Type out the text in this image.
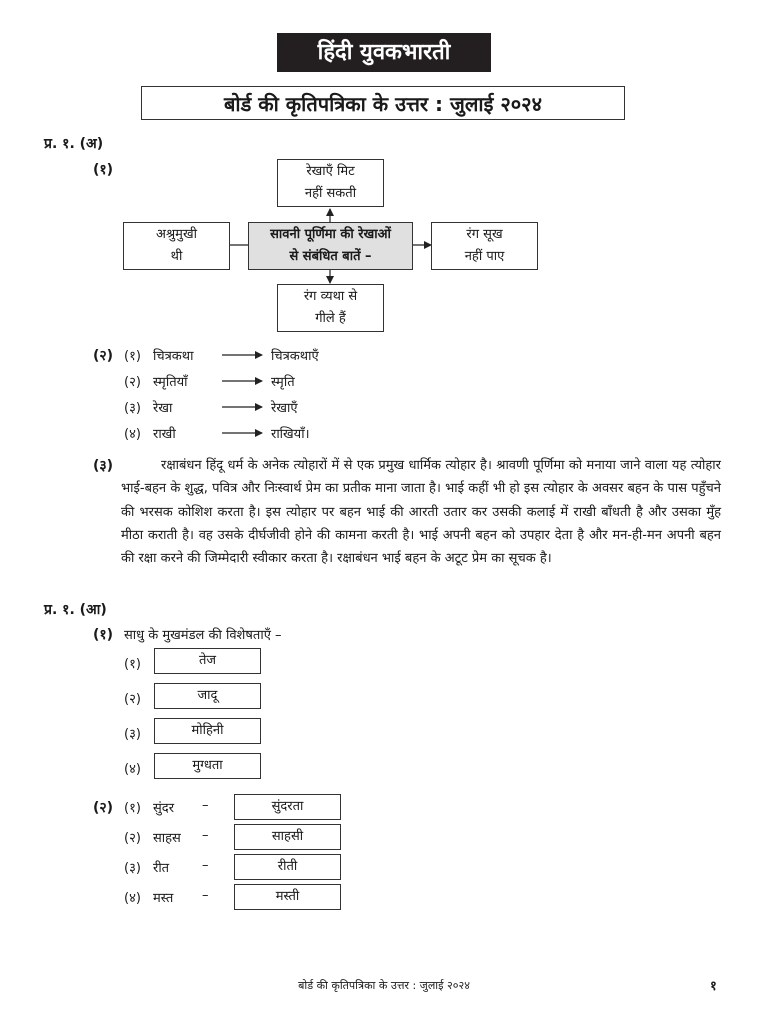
हिंदी युवकभारती
बोर्ड की कृतिपत्रिका के उत्तर : जुलाई २०२४
प्र. १. (अ)
(१)	रेखाएँ मिट
नहीं सकती
अश्रुमुखी
थी
सावनी पूर्णिमा की रेखाओं
से संबंधित बातें –
रंग सूख
नहीं पाए
रंग व्यथा से
गीले हैं
(२) (१) चित्रकथा	चित्रकथाएँ
(२) स्मृतियाँ	स्मृति
(३) रेखा	रेखाएँ
(४) राखी	राखियाँ।
(३)	रक्षाबंधन हिंदू धर्म के अनेक त्योहारों में से एक प्रमुख धार्मिक त्योहार है। श्रावणी पूर्णिमा को मनाया जाने वाला यह त्योहार भाई-बहन के शुद्ध, पवित्र और निःस्वार्थ प्रेम का प्रतीक माना जाता है। भाई कहीं भी हो इस त्योहार के अवसर बहन के पास पहुँचने की भरसक कोशिश करता है। इस त्योहार पर बहन भाई की आरती उतार कर उसकी कलाई में राखी बाँधती है और उसका मुँह मीठा कराती है। वह उसके दीर्घजीवी होने की कामना करती है। भाई अपनी बहन को उपहार देता है और मन-ही-मन अपनी बहन की रक्षा करने की जिम्मेदारी स्वीकार करता है। रक्षाबंधन भाई बहन के अटूट प्रेम का सूचक है।
प्र. १. (आ)
(१) साधु के मुखमंडल की विशेषताएँ –
(१)	तेज
(२)	जादू
(३)	मोहिनी
(४)	मुग्धता
(२) (१) सुंदर –	सुंदरता
(२) साहस –	साहसी
(३) रीत	–	रीती
(४) मस्त –	मस्ती
बोर्ड की कृतिपत्रिका के उत्तर : जुलाई २०२४	१
